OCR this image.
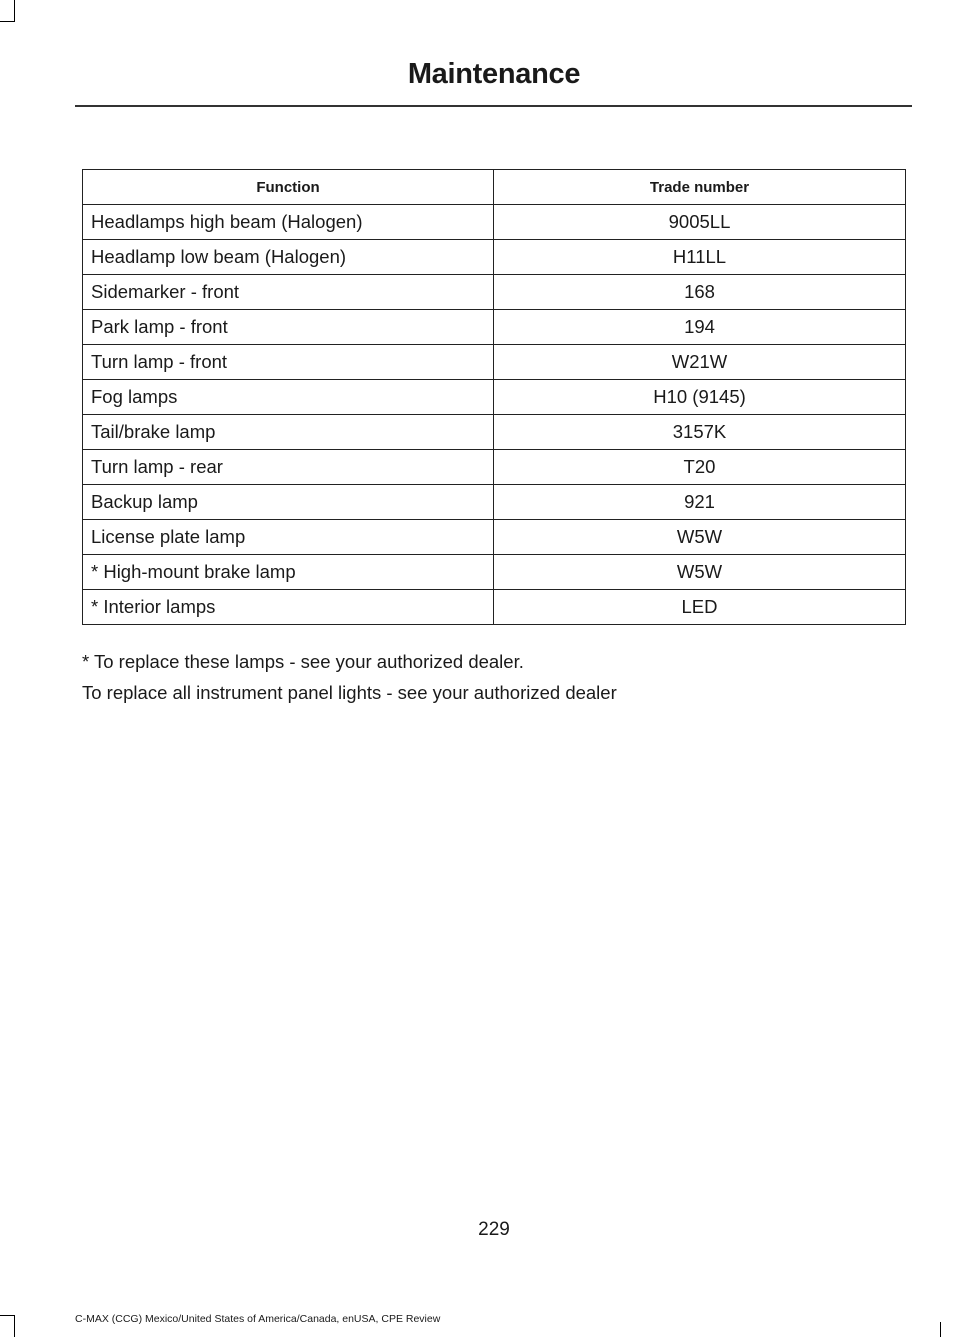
Maintenance
Function	Trade number
Headlamps high beam (Halogen)	9005LL
Headlamp low beam (Halogen)	H11LL
Sidemarker - front	168
Park lamp - front	194
Turn lamp - front	W21W
Fog lamps	H10 (9145)
Tail/brake lamp	3157K
Turn lamp - rear	T20
Backup lamp	921
License plate lamp	W5W
* High-mount brake lamp	W5W
* Interior lamps	LED

* To replace these lamps - see your authorized dealer.

To replace all instrument panel lights - see your authorized dealer

229

C-MAX (CCG) Mexico/United States of America/Canada, enUSA, CPE Review
